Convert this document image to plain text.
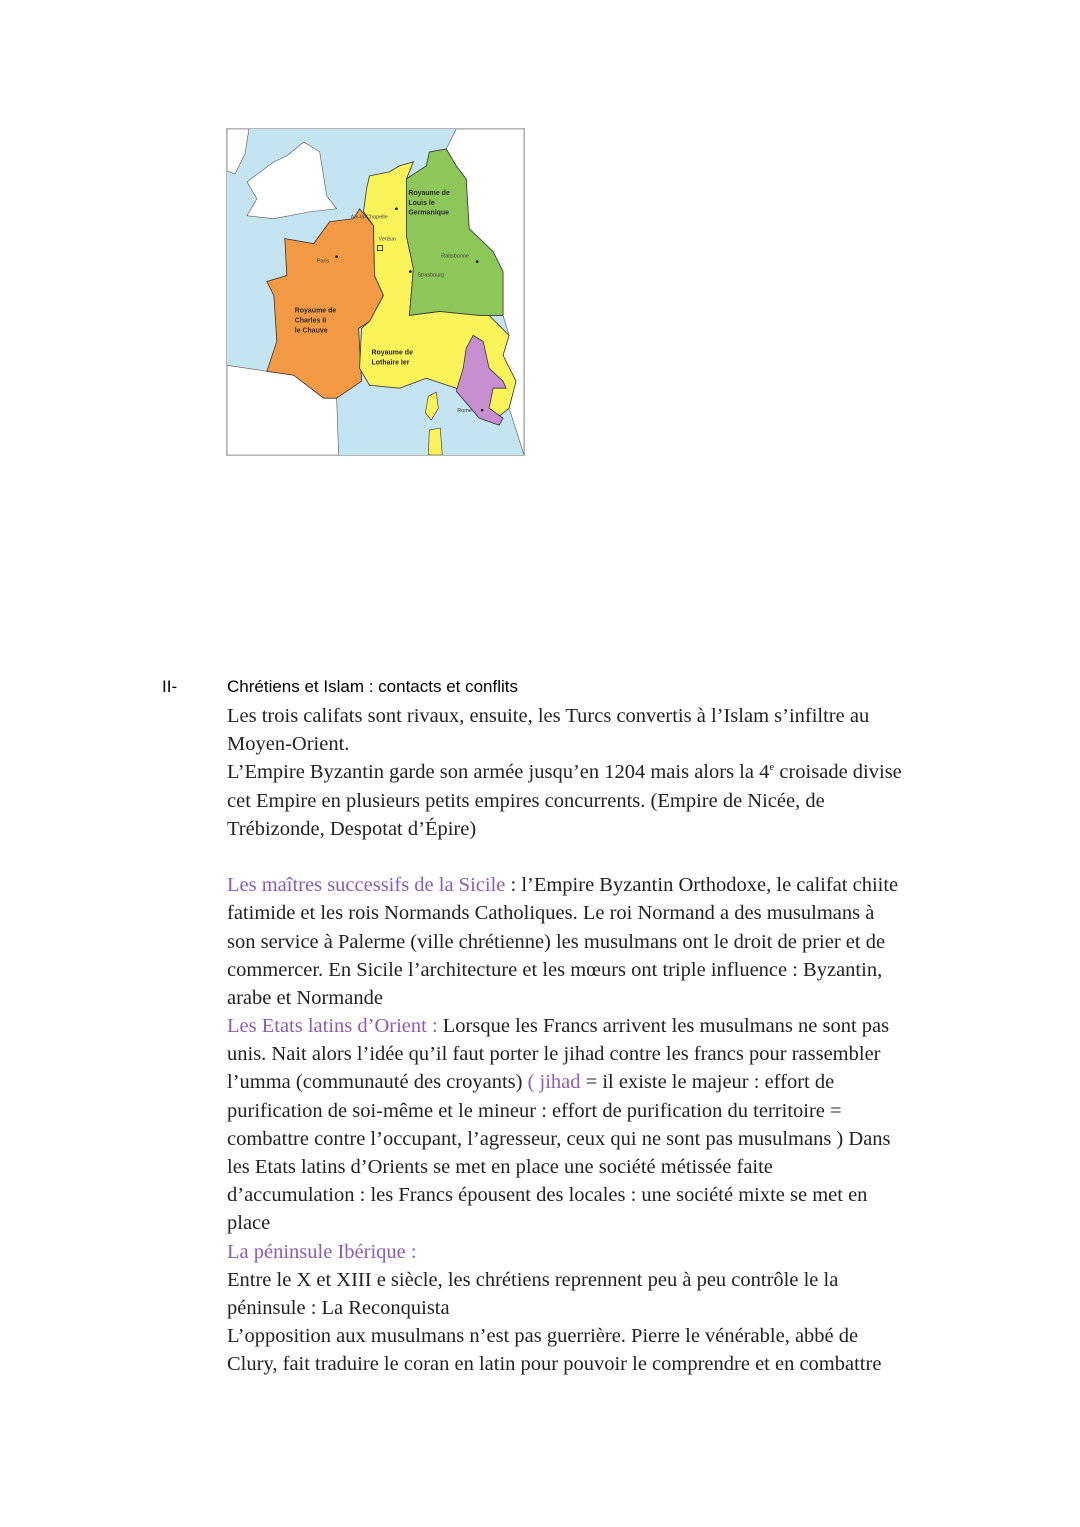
Royaume de
Louis le
Germanique
Royaume de
Charles II
le Chauve
Royaume de
Lothaire Ier
Aix-la-Chapelle
Verdun
Paris
Ratisbonne
Strasbourg
Rome
II-	Chrétiens et Islam : contacts et conflits
Les trois califats sont rivaux, ensuite, les Turcs convertis à l’Islam s’infiltre au
Moyen-Orient.
L’Empire Byzantin garde son armée jusqu’en 1204 mais alors la 4e croisade divise
cet Empire en plusieurs petits empires concurrents. (Empire de Nicée, de
Trébizonde, Despotat d’Épire)
Les maîtres successifs de la Sicile : l’Empire Byzantin Orthodoxe, le califat chiite
fatimide et les rois Normands Catholiques. Le roi Normand a des musulmans à
son service à Palerme (ville chrétienne) les musulmans ont le droit de prier et de
commercer. En Sicile l’architecture et les mœurs ont triple influence : Byzantin,
arabe et Normande
Les Etats latins d’Orient : Lorsque les Francs arrivent les musulmans ne sont pas
unis. Nait alors l’idée qu’il faut porter le jihad contre les francs pour rassembler
l’umma (communauté des croyants) ( jihad = il existe le majeur : effort de
purification de soi-même et le mineur : effort de purification du territoire =
combattre contre l’occupant, l’agresseur, ceux qui ne sont pas musulmans ) Dans
les Etats latins d’Orients se met en place une société métissée faite
d’accumulation : les Francs épousent des locales : une société mixte se met en
place
La péninsule Ibérique :
Entre le X et XIII e siècle, les chrétiens reprennent peu à peu contrôle le la
péninsule : La Reconquista
L’opposition aux musulmans n’est pas guerrière. Pierre le vénérable, abbé de
Clury, fait traduire le coran en latin pour pouvoir le comprendre et en combattre
